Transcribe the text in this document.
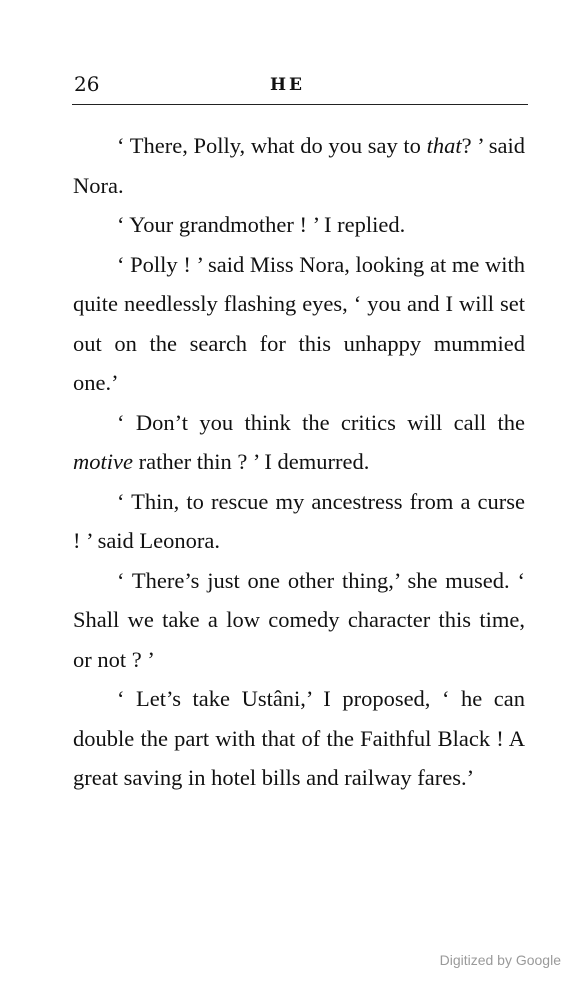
26	HE

‘ There, Polly, what do you say to that? ’ said Nora.

‘ Your grandmother ! ’ I replied.

‘ Polly ! ’ said Miss Nora, looking at me with quite needlessly flashing eyes, ‘ you and I will set out on the search for this unhappy mummied one.’

‘ Don’t you think the critics will call the motive rather thin ? ’ I demurred.

‘ Thin, to rescue my ancestress from a curse ! ’ said Leonora.

‘ There’s just one other thing,’ she mused. ‘ Shall we take a low comedy character this time, or not ? ’

‘ Let’s take Ustâni,’ I proposed, ‘ he can double the part with that of the Faithful Black ! A great saving in hotel bills and railway fares.’

Digitized by Google
